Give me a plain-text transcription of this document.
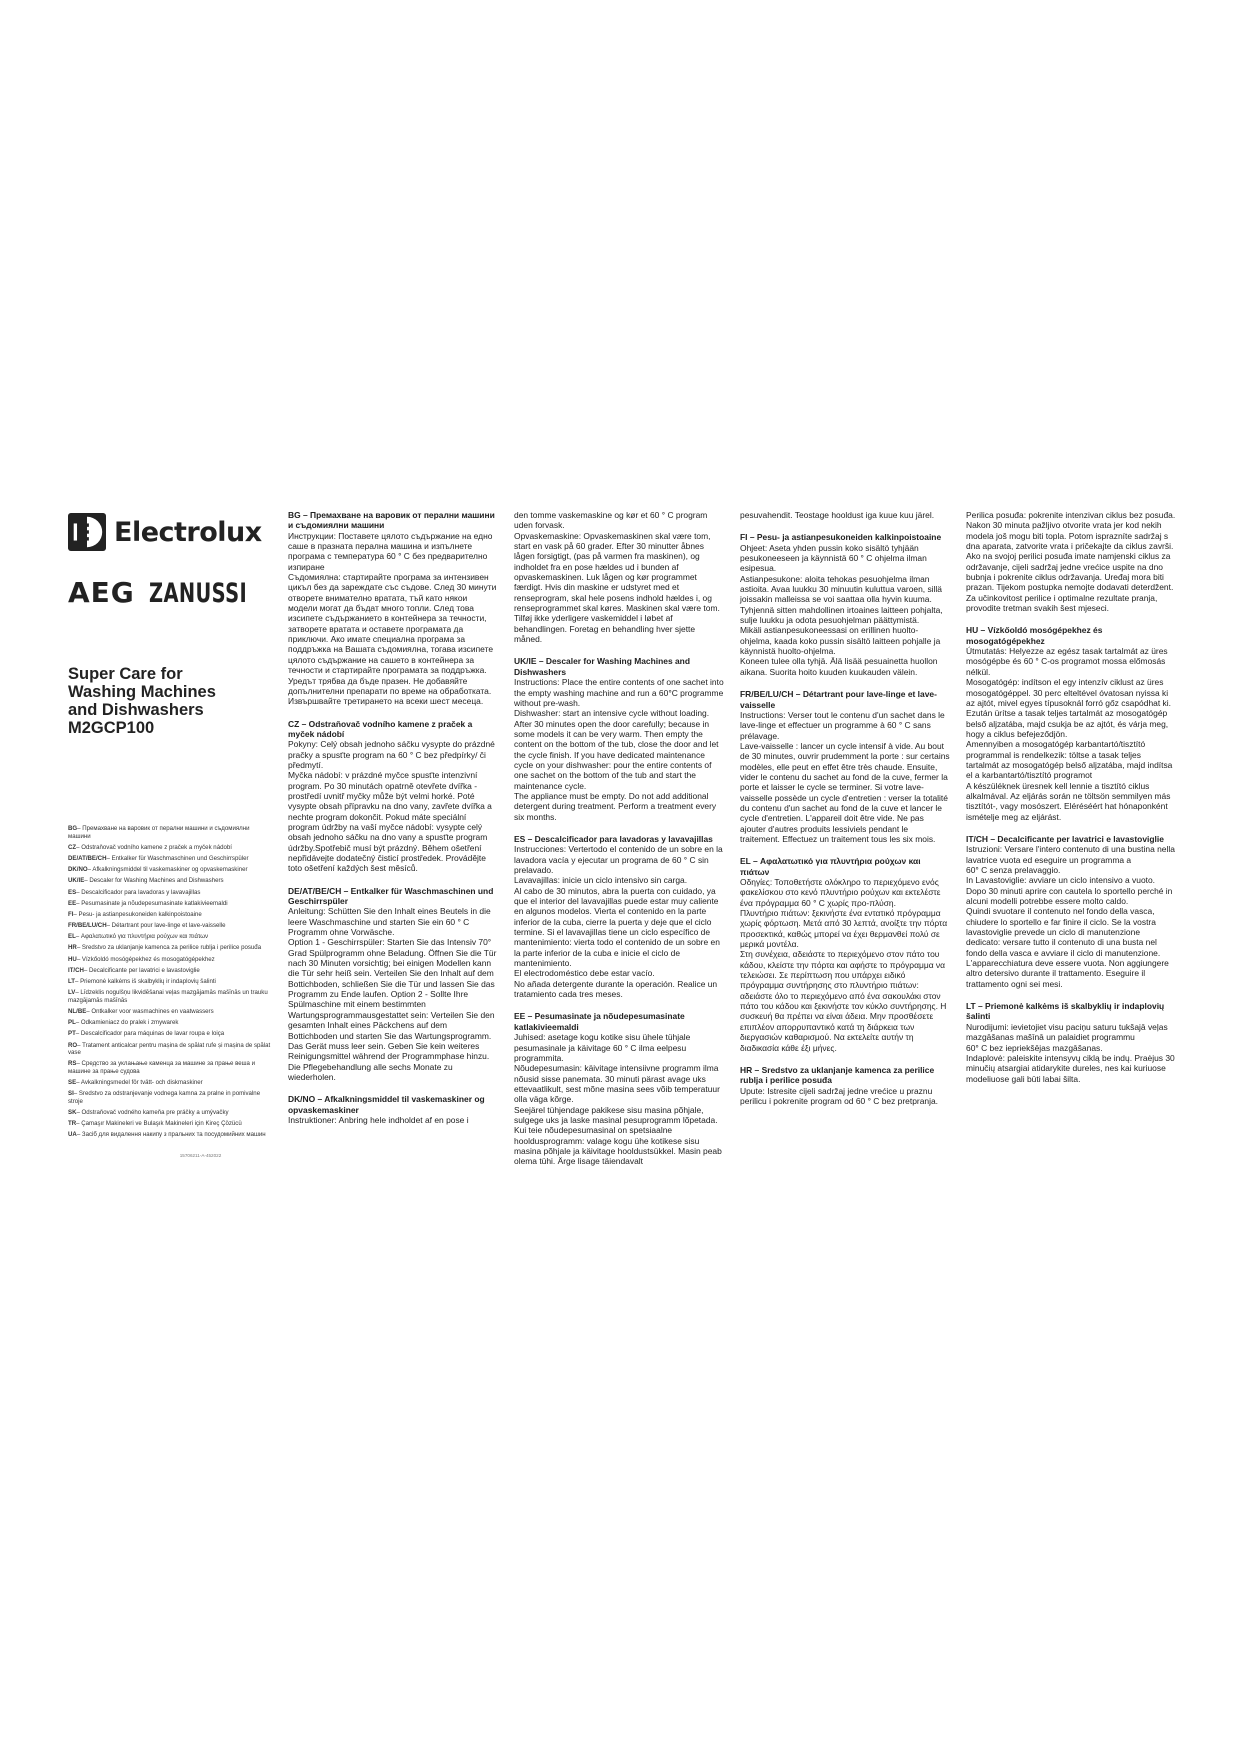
Electrolux
AEG ZANUSSI
Super Care for
Washing Machines
and Dishwashers
M2GCP100
BG– Премахване на варовик от перални машини и съдомиялни машини
CZ– Odstraňovač vodního kamene z praček a myček nádobí
DE/AT/BE/CH– Entkalker für Waschmaschinen und Geschirrspüler
DK/NO– Afkalkningsmiddel til vaskemaskiner og opvaskemaskiner
UK/IE– Descaler for Washing Machines and Dishwashers
ES– Descalcificador para lavadoras y lavavajillas
EE– Pesumasinate ja nõudepesumasinate katlakivieemaldi
FI– Pesu- ja astianpesukoneiden kalkinpoistoaine
FR/BE/LU/CH– Détartrant pour lave-linge et lave-vaisselle
EL– Αφαλατωτικό για πλυντήρια ρούχων και πιάτων
HR– Sredstvo za uklanjanje kamenca za perilice rublja i perilice posuđa
HU– Vízkőoldó mosógépekhez és mosogatógépekhez
IT/CH– Decalcificante per lavatrici e lavastoviglie
LT– Priemonė kalkėms iš skalbyklių ir indaplovių šalinti
LV– Līdzeklis nogulšņu likvidēšanai veļas mazgājamās mašīnās un trauku mazgājamās mašīnās
NL/BE– Ontkalker voor wasmachines en vaatwassers
PL– Odkamieniacz do pralek i zmywarek
PT– Descalcificador para máquinas de lavar roupa e loiça
RO– Tratament anticalcar pentru mașina de spălat rufe și mașina de spălat vase
RS– Средство за уклањање каменца за машине за прање веша и машине за прање судова
SE– Avkalkningsmedel för tvätt- och diskmaskiner
SI– Sredstvo za odstranjevanje vodnega kamna za pralne in pomivalne stroje
SK– Odstraňovač vodného kameňa pre práčky a umývačky
TR– Çamaşır Makineleri ve Bulaşık Makineleri için Kireç Çözücü
UA– Засіб для видалення накипу з пральних та посудомийних машин
15706211-A-452022
BG – Премахване на варовик от перални машини и съдомиялни машини

Инструкции: Поставете цялото съдържание на едно саше в празната перална машина и изпълнете програма с температура 60 ° С без предварително изпиране

Съдомиялна: стартирайте програма за интензивен цикъл без да зареждате със съдове. След 30 минути отворете внимателно вратата, тъй като някои модели могат да бъдат много топли. След това изсипете съдържанието в контейнера за течности, затворете вратата и оставете програмата да приключи. Ако имате специална програма за поддръжка на Вашата съдомиялна, тогава изсипете цялото съдържание на сашето в контейнера за течности и стартирайте програмата за поддръжка.

Уредът трябва да бъде празен. Не добавяйте допълнителни препарати по време на обработката. Извършвайте третирането на всеки шест месеца.

CZ – Odstraňovač vodního kamene z praček a myček nádobí

Pokyny: Celý obsah jednoho sáčku vysypte do prázdné pračky a spusťte program na 60 ° C bez předpírky/ či předmytí.

Myčka nádobí: v prázdné myčce spusťte intenzivní program. Po 30 minutách opatrně otevřete dvířka - prostředí uvnitř myčky může být velmi horké. Poté vysypte obsah přípravku na dno vany, zavřete dvířka a nechte program dokončit. Pokud máte speciální program údržby na vaší myčce nádobí: vysypte celý obsah jednoho sáčku na dno vany a spusťte program údržby.Spotřebič musí být prázdný. Během ošetření nepřidávejte dodatečný čisticí prostředek. Provádějte toto ošetření každých šest měsíců.

DE/AT/BE/CH – Entkalker für Waschmaschinen und Geschirrspüler

Anleitung: Schütten Sie den Inhalt eines Beutels in die leere Waschmaschine und starten Sie ein 60 ° C Programm ohne Vorwäsche.

Option 1 - Geschirrspüler: Starten Sie das Intensiv 70° Grad Spülprogramm ohne Beladung. Öffnen Sie die Tür nach 30 Minuten vorsichtig; bei einigen Modellen kann die Tür sehr heiß sein. Verteilen Sie den Inhalt auf dem Bottichboden, schließen Sie die Tür und lassen Sie das Programm zu Ende laufen. Option 2 - Sollte Ihre Spülmaschine mit einem bestimmten Wartungsprogrammausgestattet sein: Verteilen Sie den gesamten Inhalt eines Päckchens auf dem Bottichboden und starten Sie das Wartungsprogramm.

Das Gerät muss leer sein. Geben Sie kein weiteres Reinigungsmittel während der Programmphase hinzu. Die Pflegebehandlung alle sechs Monate zu wiederholen.

DK/NO – Afkalkningsmiddel til vaskemaskiner og opvaskemaskiner

Instruktioner: Anbring hele indholdet af en pose i

den tomme vaskemaskine og kør et 60 ° C program uden forvask.

Opvaskemaskine: Opvaskemaskinen skal være tom, start en vask på 60 grader. Efter 30 minutter åbnes lågen forsigtigt, (pas på varmen fra maskinen), og indholdet fra en pose hældes ud i bunden af opvaskemaskinen. Luk lågen og kør programmet færdigt. Hvis din maskine er udstyret med et renseprogram, skal hele posens indhold hældes i, og renseprogrammet skal køres. Maskinen skal være tom. Tilføj ikke yderligere vaskemiddel i løbet af behandlingen. Foretag en behandling hver sjette måned.

UK/IE – Descaler for Washing Machines and Dishwashers

Instructions: Place the entire contents of one sachet into the empty washing machine and run a 60°C programme without pre-wash.

Dishwasher: start an intensive cycle without loading. After 30 minutes open the door carefully; because in some models it can be very warm. Then empty the content on the bottom of the tub, close the door and let the cycle finish. If you have dedicated maintenance cycle on your dishwasher: pour the entire contents of one sachet on the bottom of the tub and start the maintenance cycle.

The appliance must be empty. Do not add additional detergent during treatment. Perform a treatment every six months.

ES – Descalcificador para lavadoras y lavavajillas

Instrucciones: Vertertodo el contenido de un sobre en la lavadora vacía y ejecutar un programa de 60 ° C sin prelavado.

Lavavajillas: inicie un ciclo intensivo sin carga.

Al cabo de 30 minutos, abra la puerta con cuidado, ya que el interior del lavavajillas puede estar muy caliente en algunos modelos. Vierta el contenido en la parte inferior de la cuba, cierre la puerta y deje que el ciclo termine. Si el lavavajillas tiene un ciclo específico de mantenimiento: vierta todo el contenido de un sobre en la parte inferior de la cuba e inicie el ciclo de mantenimiento.

El electrodoméstico debe estar vacío.

No añada detergente durante la operación. Realice un tratamiento cada tres meses.

EE – Pesumasinate ja nõudepesumasinate katlakivieemaldi

Juhised: asetage kogu kotike sisu ühele tühjale pesumasinale ja käivitage 60 ° C ilma eelpesu programmita.

Nõudepesumasin: käivitage intensiivne programm ilma nõusid sisse panemata. 30 minuti pärast avage uks ettevaatlikult, sest mõne masina sees võib temperatuur olla väga kõrge.

Seejärel tühjendage pakikese sisu masina põhjale, sulgege uks ja laske masinal pesuprogramm lõpetada. Kui teie nõudepesumasinal on spetsiaalne hooldusprogramm: valage kogu ühe kotikese sisu masina põhjale ja käivitage hooldustsükkel. Masin peab olema tühi. Ärge lisage täiendavalt

pesuvahendit. Teostage hooldust iga kuue kuu järel.

FI – Pesu- ja astianpesukoneiden kalkinpoistoaine

Ohjeet: Aseta yhden pussin koko sisältö tyhjään pesukoneeseen ja käynnistä 60 ° C ohjelma ilman esipesua.

Astianpesukone: aloita tehokas pesuohjelma ilman astioita. Avaa luukku 30 minuutin kuluttua varoen, sillä joissakin malleissa se voi saattaa olla hyvin kuuma. Tyhjennä sitten mahdollinen irtoaines laitteen pohjalta, sulje luukku ja odota pesuohjelman päättymistä.

Mikäli astianpesukoneessasi on erillinen huolto-ohjelma, kaada koko pussin sisältö laitteen pohjalle ja käynnistä huolto-ohjelma.

Koneen tulee olla tyhjä. Älä lisää pesuainetta huollon aikana. Suorita hoito kuuden kuukauden välein.

FR/BE/LU/CH – Détartrant pour lave-linge et lave-vaisselle

Instructions: Verser tout le contenu d'un sachet dans le lave-linge et effectuer un programme à 60 ° C sans prélavage.

Lave-vaisselle : lancer un cycle intensif à vide. Au bout de 30 minutes, ouvrir prudemment la porte : sur certains modèles, elle peut en effet être très chaude. Ensuite, vider le contenu du sachet au fond de la cuve, fermer la porte et laisser le cycle se terminer. Si votre lave-vaisselle possède un cycle d'entretien : verser la totalité du contenu d'un sachet au fond de la cuve et lancer le cycle d'entretien. L'appareil doit être vide. Ne pas ajouter d'autres produits lessiviels pendant le traitement. Effectuez un traitement tous les six mois.

EL – Αφαλατωτικό για πλυντήρια ρούχων και πιάτων

Οδηγίες: Τοποθετήστε ολόκληρο το περιεχόμενο ενός φακελίσκου στο κενό πλυντήριο ρούχων και εκτελέστε ένα πρόγραμμα 60 ° C χωρίς προ-πλύση.

Πλυντήριο πιάτων: ξεκινήστε ένα εντατικό πρόγραμμα χωρίς φόρτωση. Μετά από 30 λεπτά, ανοίξτε την πόρτα προσεκτικά, καθώς μπορεί να έχει θερμανθεί πολύ σε μερικά μοντέλα.

Στη συνέχεια, αδειάστε το περιεχόμενο στον πάτο του κάδου, κλείστε την πόρτα και αφήστε το πρόγραμμα να τελειώσει. Σε περίπτωση που υπάρχει ειδικό πρόγραμμα συντήρησης στο πλυντήριο πιάτων: αδειάστε όλο το περιεχόμενο από ένα σακουλάκι στον πάτο του κάδου και ξεκινήστε τον κύκλο συντήρησης. Η συσκευή θα πρέπει να είναι άδεια. Μην προσθέσετε επιπλέον απορρυπαντικό κατά τη διάρκεια των διεργασιών καθαρισμού. Να εκτελείτε αυτήν τη διαδικασία κάθε έξι μήνες.

HR – Sredstvo za uklanjanje kamenca za perilice rublja i perilice posuđa

Upute: Istresite cijeli sadržaj jedne vrećice u praznu perilicu i pokrenite program od 60 ° C bez pretpranja.

Perilica posuđa: pokrenite intenzivan ciklus bez posuđa. Nakon 30 minuta pažljivo otvorite vrata jer kod nekih modela još mogu biti topla. Potom isprazníte sadržaj s dna aparata, zatvorite vrata i pričekajte da ciklus završi. Ako na svojoj perilici posuđa imate namjenski ciklus za održavanje, cijeli sadržaj jedne vrećice uspite na dno bubnja i pokrenite ciklus održavanja. Uređaj mora biti prazan. Tijekom postupka nemojte dodavati deterdžent. Za učinkovitost perilice i optimalne rezultate pranja, provodite tretman svakih šest mjeseci.

HU – Vízkőoldó mosógépekhez és mosogatógépekhez

Útmutatás: Helyezze az egész tasak tartalmát az üres mosógépbe és 60 ° C-os programot mossa előmosás nélkül.

Mosogatógép: indítson el egy intenzív ciklust az üres mosogatógéppel. 30 perc elteltével óvatosan nyissa ki az ajtót, mivel egyes típusoknál forró gőz csapódhat ki. Ezután ürítse a tasak teljes tartalmát az mosogatógép belső aljzatába, majd csukja be az ajtót, és várja meg, hogy a ciklus befejeződjön.

Amennyiben a mosogatógép karbantartó/tisztító programmal is rendelkezik: töltse a tasak teljes tartalmát az mosogatógép belső aljzatába, majd indítsa el a karbantartó/tisztító programot

A készüléknek üresnek kell lennie a tisztító ciklus alkalmával. Az eljárás során ne töltsön semmilyen más tisztítót-, vagy mosószert. Eléréséért hat hónaponként ismételje meg az eljárást.

IT/CH – Decalcificante per lavatrici e lavastoviglie

Istruzioni: Versare l'intero contenuto di una bustina nella lavatrice vuota ed eseguire un programma a

60° C senza prelavaggio.

In Lavastoviglie: avviare un ciclo intensivo a vuoto. Dopo 30 minuti aprire con cautela lo sportello perché in alcuni modelli potrebbe essere molto caldo.

Quindi svuotare il contenuto nel fondo della vasca, chiudere lo sportello e far finire il ciclo. Se la vostra lavastoviglie prevede un ciclo di manutenzione dedicato: versare tutto il contenuto di una busta nel fondo della vasca e avviare il ciclo di manutenzione.

L'apparecchiatura deve essere vuota. Non aggiungere altro detersivo durante il trattamento. Eseguire il trattamento ogni sei mesi.

LT – Priemonė kalkėms iš skalbyklių ir indaplovių šalinti

Nurodijumi: ievietojiet visu paciņu saturu tukšajā veļas mazgāšanas mašīnā un palaidiet programmu

60° C bez iepriekšējas mazgāšanas.

Indaplovė: paleiskite intensyvų ciklą be indų. Praėjus 30 minučių atsargiai atidarykite dureles, nes kai kuriuose modeliuose gali būti labai šilta.
